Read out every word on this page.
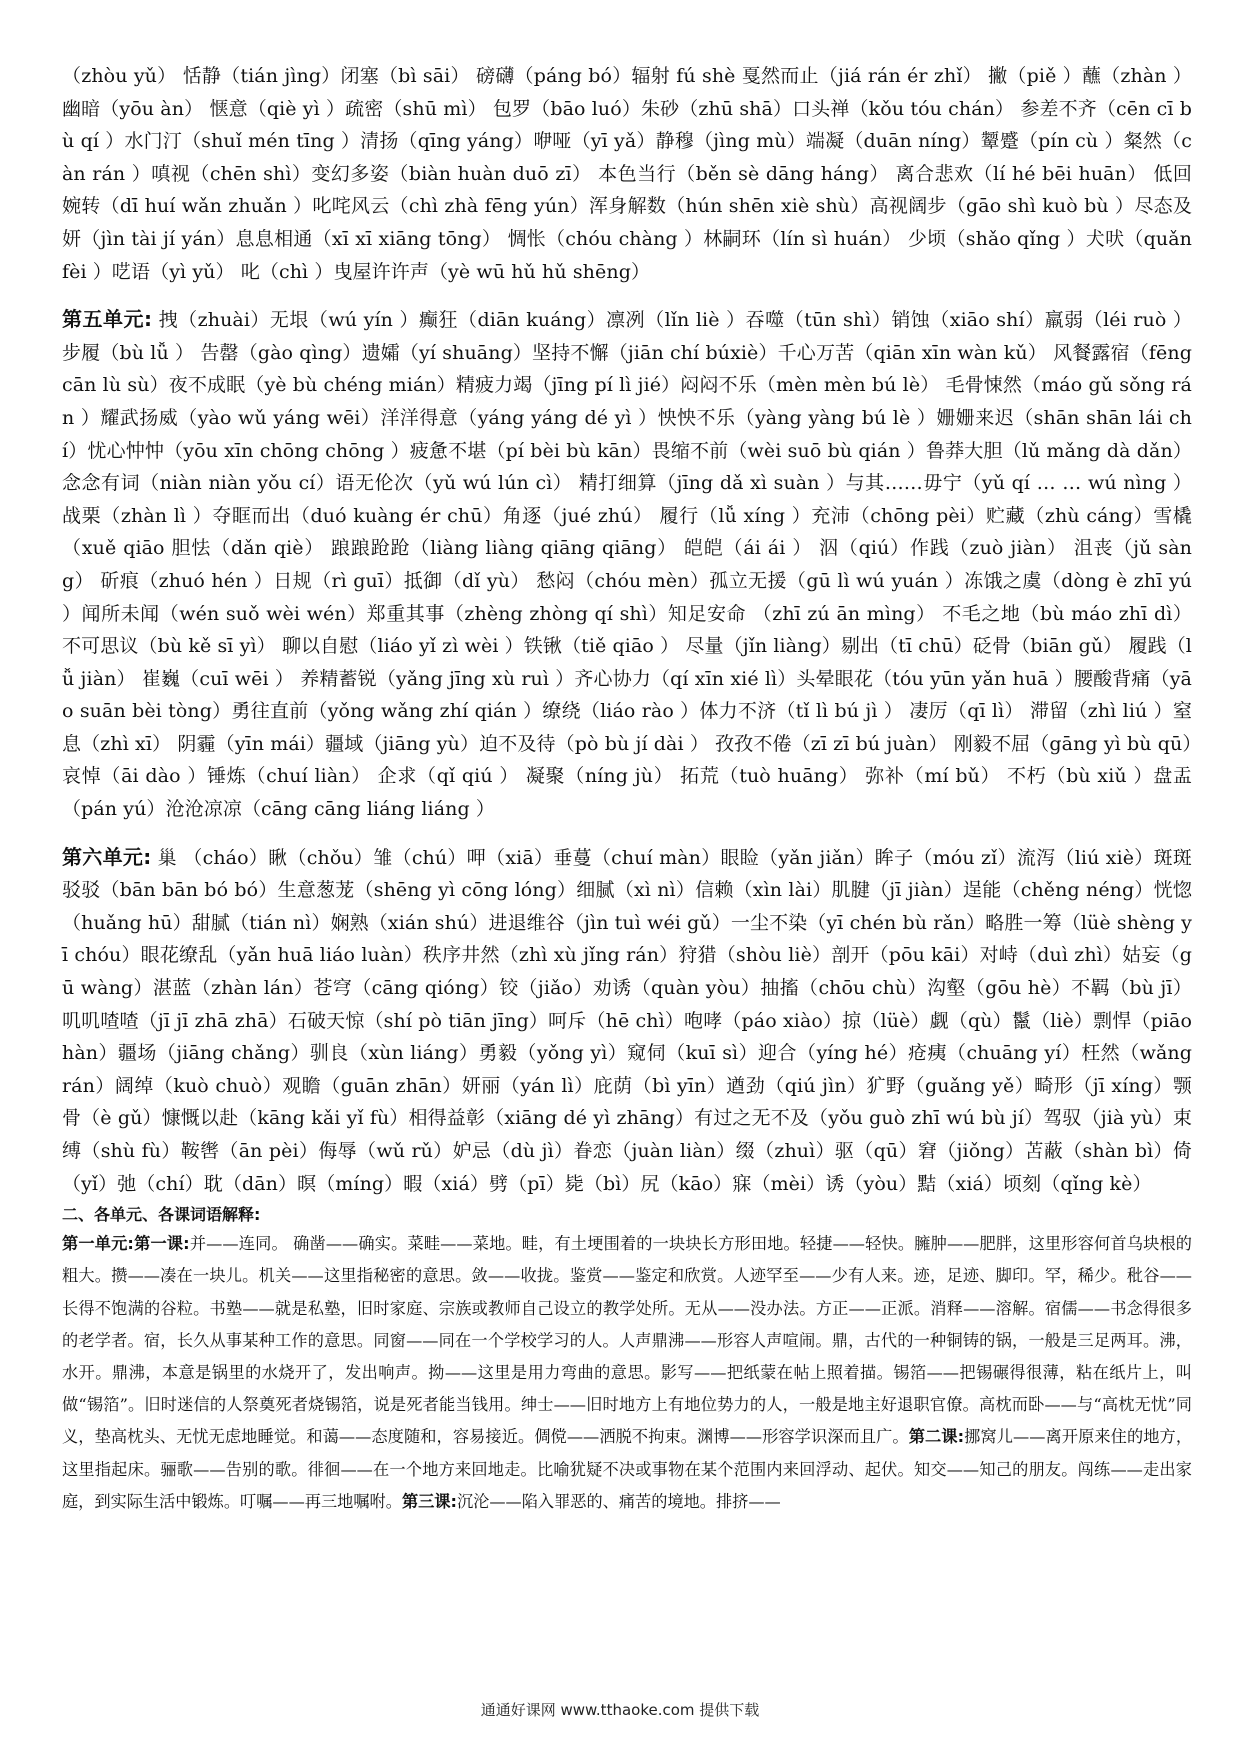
（zhòu yǔ） 恬静（tián jìng）闭塞（bì sāi） 磅礴（páng bó）辐射 fú shè 戛然而止（jiá rán ér zhǐ） 撇（piě ）蘸（zhàn ）幽暗（yōu àn） 惬意（qiè yì ）疏密（shū mì） 包罗（bāo luó）朱砂（zhū shā）口头禅（kǒu tóu chán） 参差不齐（cēn cī bù qí ）水门汀（shuǐ mén tīng ）清扬（qīng yáng）咿哑（yī yǎ）静穆（jìng mù）端凝（duān níng）颦蹙（pín cù ）粲然（càn rán ）嗔视（chēn shì）变幻多姿（biàn huàn duō zī） 本色当行（běn sè dāng háng） 离合悲欢（lí hé bēi huān） 低回婉转（dī huí wǎn zhuǎn ）叱咤风云（chì zhà fēng yún）浑身解数（hún shēn xiè shù）高视阔步（gāo shì kuò bù ）尽态及妍（jìn tài jí yán）息息相通（xī xī xiāng tōng） 惆怅（chóu chàng ）林嗣环（lín sì huán） 少顷（shǎo qǐng ）犬吠（quǎn fèi ）呓语（yì yǔ） 叱（chì ）曳屋许许声（yè wū hǔ hǔ shēng）

第五单元: 拽（zhuài）无垠（wú yín ）癫狂（diān kuáng）凛冽（lǐn liè ）吞噬（tūn shì）销蚀（xiāo shí）羸弱（léi ruò ）步履（bù lǚ ） 告罄（gào qìng）遗孀（yí shuāng）坚持不懈（jiān chí búxiè）千心万苦（qiān xīn wàn kǔ） 风餐露宿（fēng cān lù sù）夜不成眠（yè bù chéng mián）精疲力竭（jīng pí lì jié）闷闷不乐（mèn mèn bú lè） 毛骨悚然（máo gǔ sǒng rán ）耀武扬威（yào wǔ yáng wēi）洋洋得意（yáng yáng dé yì ）怏怏不乐（yàng yàng bú lè ）姗姗来迟（shān shān lái chí）忧心忡忡（yōu xīn chōng chōng ）疲惫不堪（pí bèi bù kān）畏缩不前（wèi suō bù qián ）鲁莽大胆（lǔ mǎng dà dǎn）念念有词（niàn niàn yǒu cí）语无伦次（yǔ wú lún cì） 精打细算（jīng dǎ xì suàn ）与其……毋宁（yǔ qí … … wú nìng ）战栗（zhàn lì ）夺眶而出（duó kuàng ér chū）角逐（jué zhú） 履行（lǚ xíng ）充沛（chōng pèi）贮藏（zhù cáng）雪橇（xuě qiāo 胆怯（dǎn qiè） 踉踉跄跄（liàng liàng qiāng qiāng） 皑皑（ái ái ） 泅（qiú）作践（zuò jiàn） 沮丧（jǔ sàng） 斫痕（zhuó hén ）日规（rì guī）抵御（dǐ yù） 愁闷（chóu mèn）孤立无援（gū lì wú yuán ）冻饿之虞（dòng è zhī yú ）闻所未闻（wén suǒ wèi wén）郑重其事（zhèng zhòng qí shì）知足安命 （zhī zú ān mìng） 不毛之地（bù máo zhī dì） 不可思议（bù kě sī yì） 聊以自慰（liáo yǐ zì wèi ）铁锹（tiě qiāo ） 尽量（jǐn liàng）剔出（tī chū）砭骨（biān gǔ） 履践（lǚ jiàn） 崔巍（cuī wēi ） 养精蓄锐（yǎng jīng xù ruì ）齐心协力（qí xīn xié lì）头晕眼花（tóu yūn yǎn huā ）腰酸背痛（yāo suān bèi tòng）勇往直前（yǒng wǎng zhí qián ）缭绕（liáo rào ）体力不济（tǐ lì bú jì ） 凄厉（qī lì） 滞留（zhì liú ）窒息（zhì xī） 阴霾（yīn mái）疆域（jiāng yù）迫不及待（pò bù jí dài ） 孜孜不倦（zī zī bú juàn） 刚毅不屈（gāng yì bù qū）哀悼（āi dào ）锤炼（chuí liàn） 企求（qǐ qiú ） 凝聚（níng jù） 拓荒（tuò huāng） 弥补（mí bǔ） 不朽（bù xiǔ ）盘盂（pán yú）沧沧凉凉（cāng cāng liáng liáng ）

第六单元: 巢 （cháo）瞅（chǒu）雏（chú）呷（xiā）垂蔓（chuí màn）眼睑（yǎn jiǎn）眸子（móu zǐ）流泻（liú xiè）斑斑驳驳（bān bān bó bó）生意葱茏（shēng yì cōng lóng）细腻（xì nì）信赖（xìn lài）肌腱（jī jiàn）逞能（chěng néng）恍惚（huǎng hū）甜腻（tián nì）娴熟（xián shú）进退维谷（jìn tuì wéi gǔ）一尘不染（yī chén bù rǎn）略胜一筹（lüè shèng yī chóu）眼花缭乱（yǎn huā liáo luàn）秩序井然（zhì xù jǐng rán）狩猎（shòu liè）剖开（pōu kāi）对峙（duì zhì）姑妄（gū wàng）湛蓝（zhàn lán）苍穹（cāng qióng）铰（jiǎo）劝诱（quàn yòu）抽搐（chōu chù）沟壑（gōu hè）不羁（bù jī）叽叽喳喳（jī jī zhā zhā）石破天惊（shí pò tiān jīng）呵斥（hē chì）咆哮（páo xiào）掠（lüè）觑（qù）鬣（liè）剽悍（piāo hàn）疆场（jiāng chǎng）驯良（xùn liáng）勇毅（yǒng yì）窥伺（kuī sì）迎合（yíng hé）疮痍（chuāng yí）枉然（wǎng rán）阔绰（kuò chuò）观瞻（guān zhān）妍丽（yán lì）庇荫（bì yīn）遒劲（qiú jìn）犷野（guǎng yě）畸形（jī xíng）颚骨（è gǔ）慷慨以赴（kāng kǎi yǐ fù）相得益彰（xiāng dé yì zhāng）有过之无不及（yǒu guò zhī wú bù jí）驾驭（jià yù）束缚（shù fù）鞍辔（ān pèi）侮辱（wǔ rǔ）妒忌（dù jì）眷恋（juàn liàn）缀（zhuì）驱（qū）窘（jiǒng）苫蔽（shàn bì）倚（yǐ）弛（chí）耽（dān）暝（míng）暇（xiá）劈（pī）毙（bì）尻（kāo）寐（mèi）诱（yòu）黠（xiá）顷刻（qǐng kè）

二、各单元、各课词语解释:

第一单元:第一课:并——连同。 确凿——确实。菜畦——菜地。畦，有土埂围着的一块块长方形田地。轻捷——轻快。臃肿——肥胖，这里形容何首乌块根的粗大。攒——凑在一块儿。机关——这里指秘密的意思。敛——收拢。鉴赏——鉴定和欣赏。人迹罕至——少有人来。迹，足迹、脚印。罕，稀少。秕谷——长得不饱满的谷粒。书塾——就是私塾，旧时家庭、宗族或教师自己设立的教学处所。无从——没办法。方正——正派。消释——溶解。宿儒——书念得很多的老学者。宿，长久从事某种工作的意思。同窗——同在一个学校学习的人。人声鼎沸——形容人声喧闹。鼎，古代的一种铜铸的锅，一般是三足两耳。沸，水开。鼎沸，本意是锅里的水烧开了，发出响声。拗——这里是用力弯曲的意思。影写——把纸蒙在帖上照着描。锡箔——把锡碾得很薄，粘在纸片上，叫做“锡箔”。旧时迷信的人祭奠死者烧锡箔，说是死者能当钱用。绅士——旧时地方上有地位势力的人，一般是地主好退职官僚。高枕而卧——与“高枕无忧”同义，垫高枕头、无忧无虑地睡觉。和蔼——态度随和，容易接近。倜傥——洒脱不拘束。渊博——形容学识深而且广。第二课:挪窝儿——离开原来住的地方，这里指起床。骊歌——告别的歌。徘徊——在一个地方来回地走。比喻犹疑不决或事物在某个范围内来回浮动、起伏。知交——知己的朋友。闯练——走出家庭，到实际生活中锻炼。叮嘱——再三地嘱咐。第三课:沉沦——陷入罪恶的、痛苦的境地。排挤——

通通好课网 www.tthaoke.com 提供下载
